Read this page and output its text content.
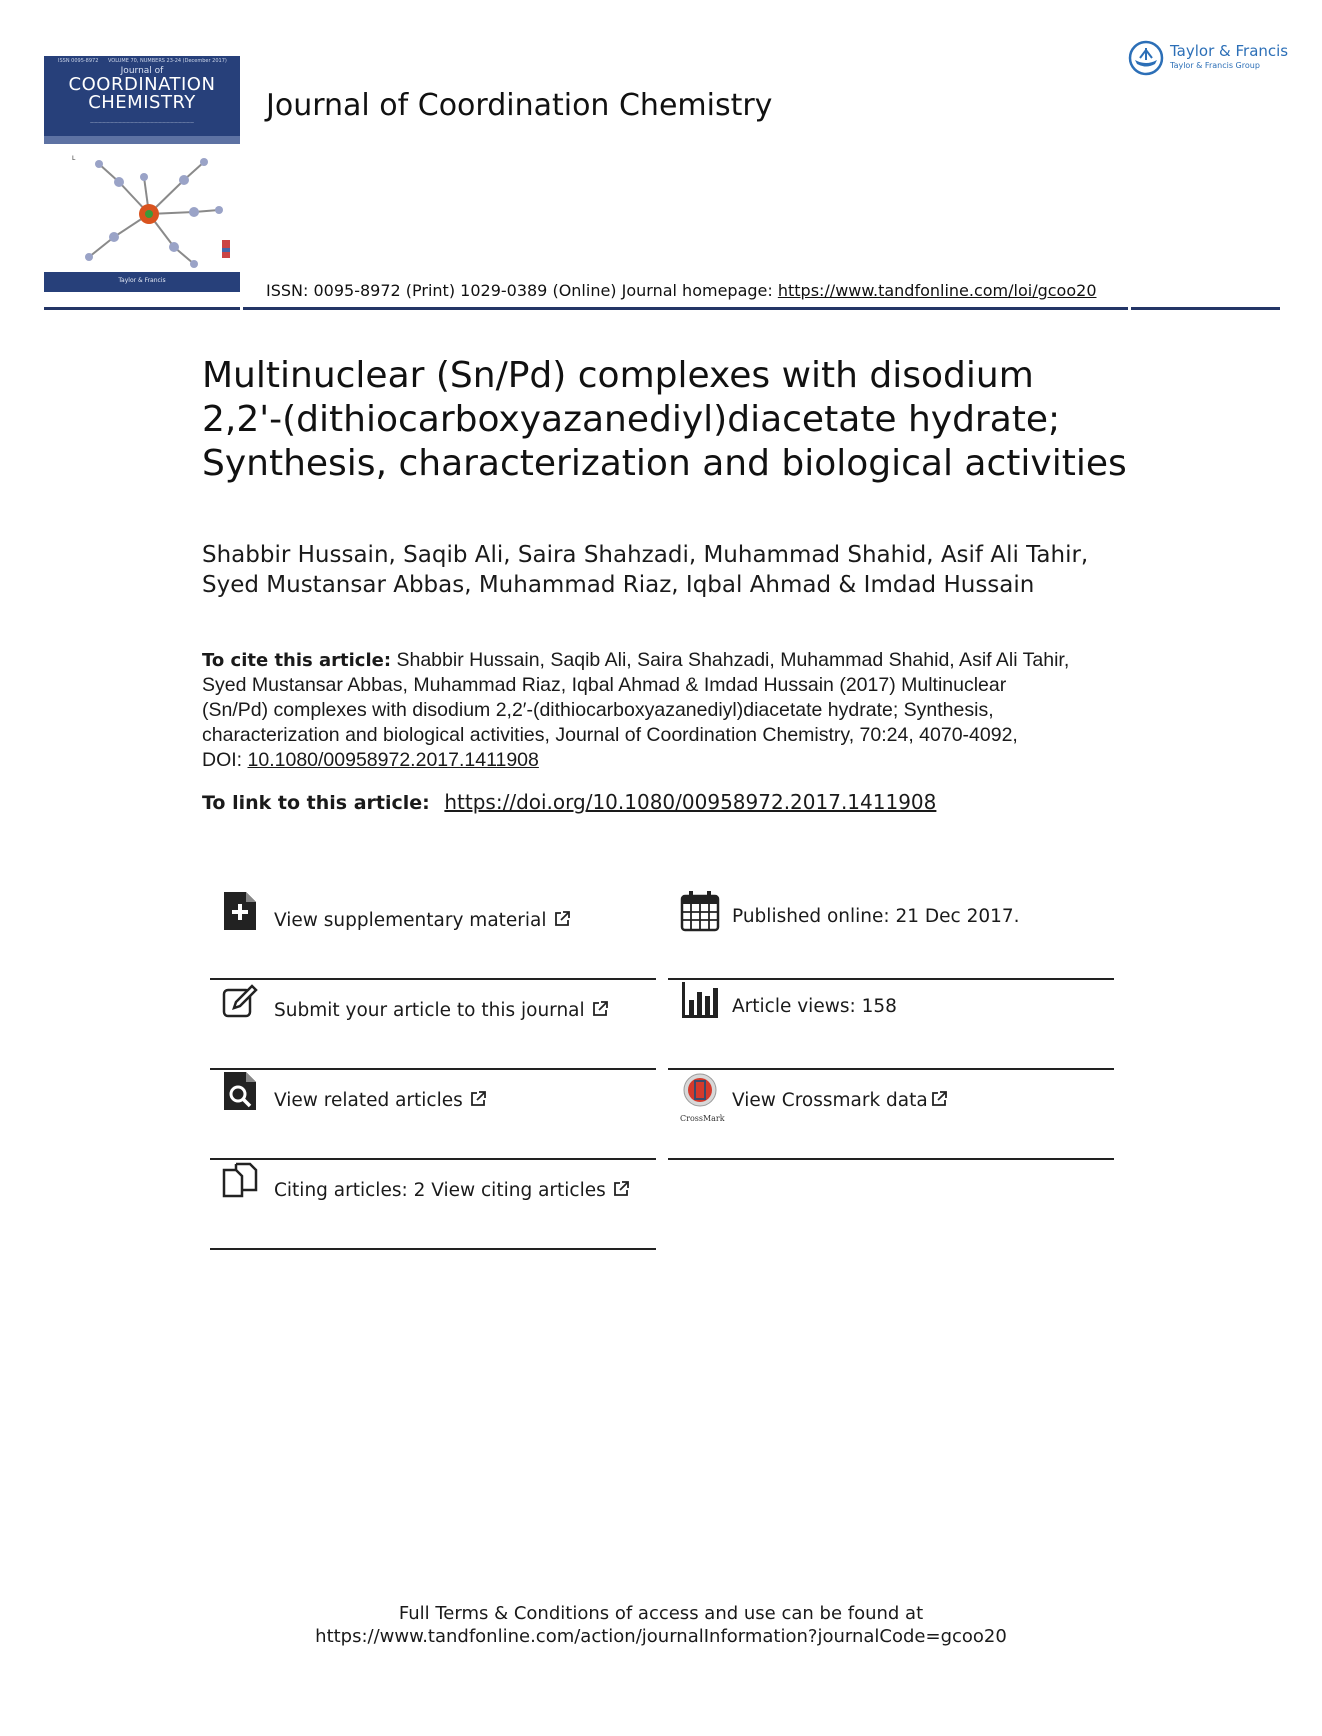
ISSN 0095-8972 VOLUME 70, NUMBERS 23-24 (December 2017)
Journal of
COORDINATION
CHEMISTRY
——————————————————————————
L
Taylor & Francis
Journal of Coordination Chemistry
Taylor & Francis
Taylor & Francis Group
ISSN: 0095-8972 (Print) 1029-0389 (Online) Journal homepage: https://www.tandfonline.com/loi/gcoo20
Multinuclear (Sn/Pd) complexes with disodium
2,2'-(dithiocarboxyazanediyl)diacetate hydrate;
Synthesis, characterization and biological activities
Shabbir Hussain, Saqib Ali, Saira Shahzadi, Muhammad Shahid, Asif Ali Tahir,
Syed Mustansar Abbas, Muhammad Riaz, Iqbal Ahmad & Imdad Hussain
To cite this article: Shabbir Hussain, Saqib Ali, Saira Shahzadi, Muhammad Shahid, Asif Ali Tahir,
Syed Mustansar Abbas, Muhammad Riaz, Iqbal Ahmad & Imdad Hussain (2017) Multinuclear
(Sn/Pd) complexes with disodium 2,2′-(dithiocarboxyazanediyl)diacetate hydrate; Synthesis,
characterization and biological activities, Journal of Coordination Chemistry, 70:24, 4070-4092,
DOI: 10.1080/00958972.2017.1411908
To link to this article: https://doi.org/10.1080/00958972.2017.1411908
View supplementary material
Submit your article to this journal
View related articles
Citing articles: 2 View citing articles
Published online: 21 Dec 2017.
Article views: 158
CrossMark
View Crossmark data
Full Terms & Conditions of access and use can be found at
https://www.tandfonline.com/action/journalInformation?journalCode=gcoo20
